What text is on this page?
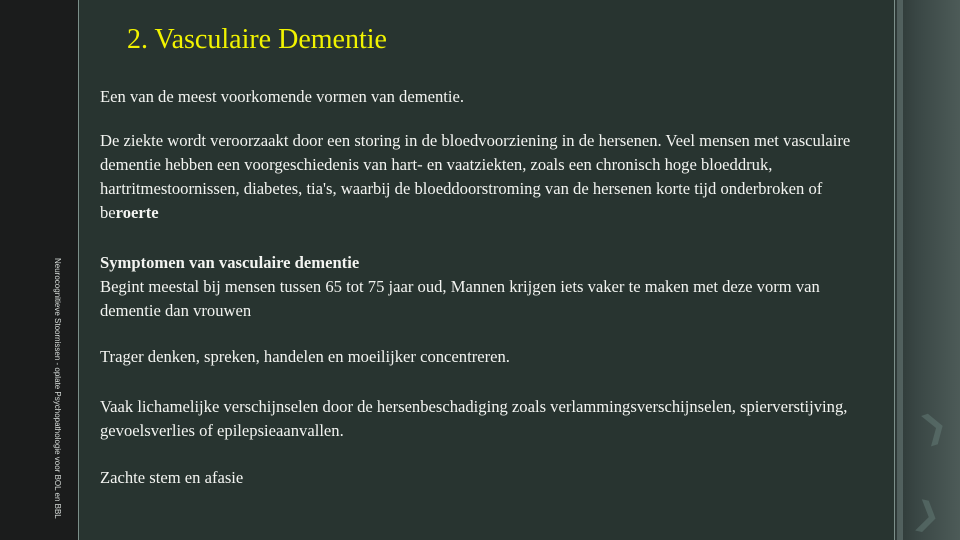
❯
❯
2. Vasculaire Dementie
Neurocognitieve Stoornissen - oplate Psychopathologie voor BOL en BBL

Een van de meest voorkomende vormen van dementie.

De ziekte wordt veroorzaakt door een storing in de bloedvoorziening in de hersenen. Veel mensen met vasculaire dementie hebben een voorgeschiedenis van hart- en vaatziekten, zoals een chronisch hoge bloeddruk, hartritmestoornissen, diabetes, tia's, waarbij de bloeddoorstroming van de hersenen korte tijd onderbroken of beroerte

Symptomen van vasculaire dementie
Begint meestal bij mensen tussen 65 tot 75 jaar oud, Mannen krijgen iets vaker te maken met deze vorm van dementie dan vrouwen

Trager denken, spreken, handelen en moeilijker concentreren.

Vaak lichamelijke verschijnselen door de hersenbeschadiging zoals verlammingsverschijnselen, spierverstijving, gevoelsverlies of epilepsieaanvallen.

Zachte stem en afasie
